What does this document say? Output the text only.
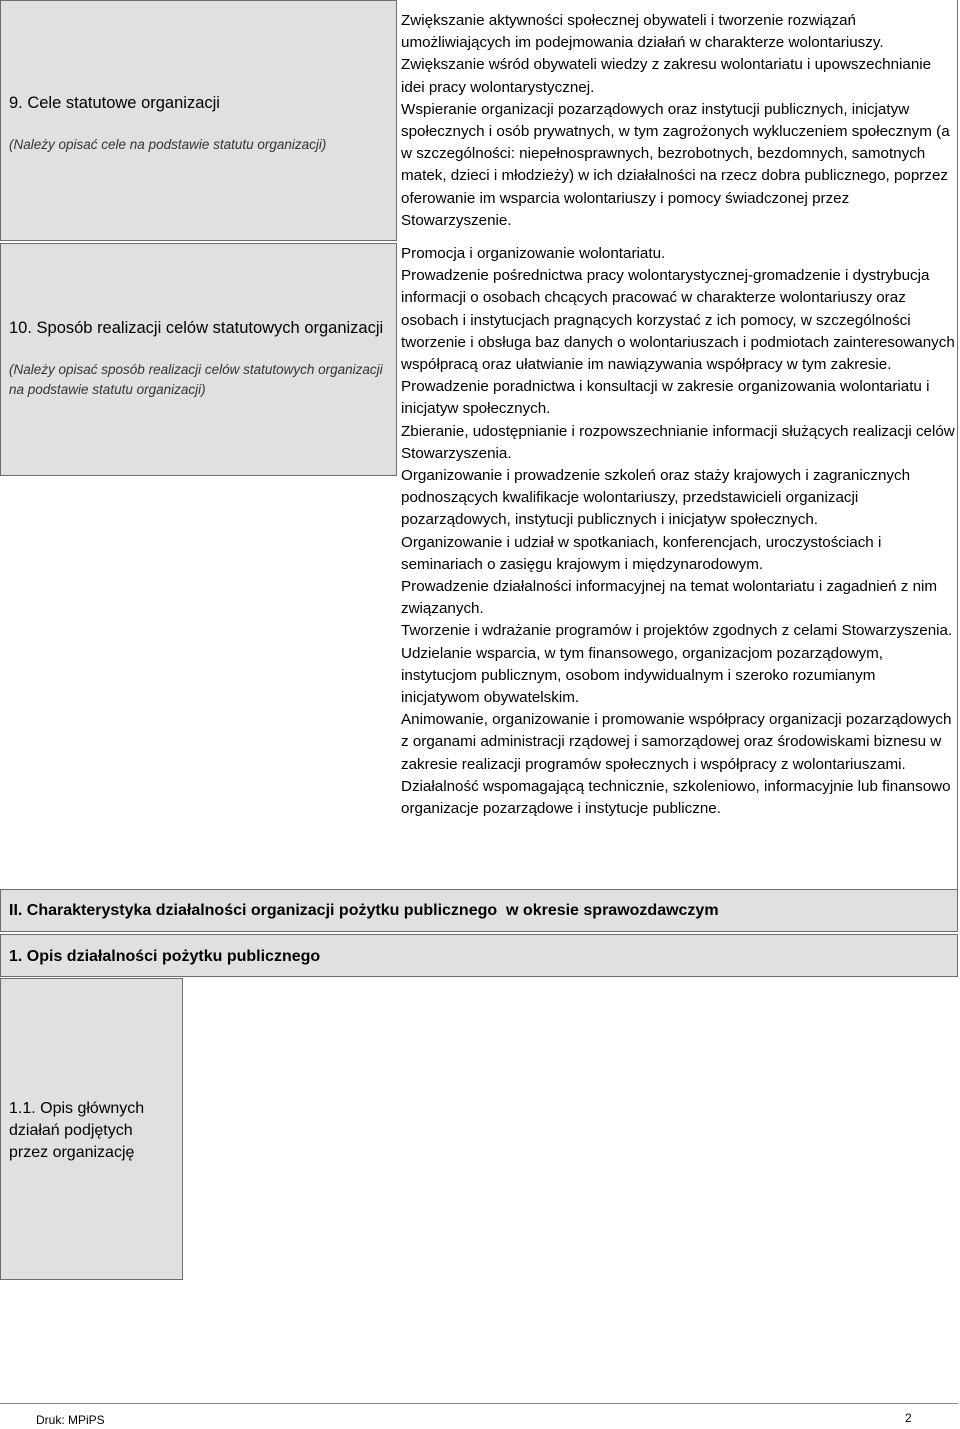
9. Cele statutowe organizacji
(Należy opisać cele na podstawie statutu organizacji)

Zwiększanie aktywności społecznej obywateli i tworzenie rozwiązań umożliwiających im podejmowania działań w charakterze wolontariuszy.

Zwiększanie wśród obywateli wiedzy z zakresu wolontariatu i upowszechnianie idei pracy wolontarystycznej.

Wspieranie organizacji pozarządowych oraz instytucji publicznych, inicjatyw społecznych i osób prywatnych, w tym zagrożonych wykluczeniem społecznym (a w szczególności: niepełnosprawnych, bezrobotnych, bezdomnych, samotnych matek, dzieci i młodzieży) w ich działalności na rzecz dobra publicznego, poprzez oferowanie im wsparcia wolontariuszy i pomocy świadczonej przez Stowarzyszenie.

10. Sposób realizacji celów statutowych organizacji
(Należy opisać sposób realizacji celów statutowych organizacji na podstawie statutu organizacji)

Promocja i organizowanie wolontariatu.

Prowadzenie pośrednictwa pracy wolontarystycznej-gromadzenie i dystrybucja informacji o osobach chcących pracować w charakterze wolontariuszy oraz osobach i instytucjach pragnących korzystać z ich pomocy, w szczególności tworzenie i obsługa baz danych o wolontariuszach i podmiotach zainteresowanych współpracą oraz ułatwianie im nawiązywania współpracy w tym zakresie.

Prowadzenie poradnictwa i konsultacji w zakresie organizowania wolontariatu i inicjatyw społecznych.

Zbieranie, udostępnianie i rozpowszechnianie informacji służących realizacji celów Stowarzyszenia.

Organizowanie i prowadzenie szkoleń oraz staży krajowych i zagranicznych podnoszących kwalifikacje wolontariuszy, przedstawicieli organizacji pozarządowych, instytucji publicznych i inicjatyw społecznych.

Organizowanie i udział w spotkaniach, konferencjach, uroczystościach i seminariach o zasięgu krajowym i międzynarodowym.

Prowadzenie działalności informacyjnej na temat wolontariatu i zagadnień z nim związanych.

Tworzenie i wdrażanie programów i projektów zgodnych z celami Stowarzyszenia.

Udzielanie wsparcia, w tym finansowego, organizacjom pozarządowym, instytucjom publicznym, osobom indywidualnym i szeroko rozumianym inicjatywom obywatelskim.

Animowanie, organizowanie i promowanie współpracy organizacji pozarządowych z organami administracji rządowej i samorządowej oraz środowiskami biznesu w zakresie realizacji programów społecznych i współpracy z wolontariuszami.

Działalność wspomagającą technicznie, szkoleniowo, informacyjnie lub finansowo organizacje pozarządowe i instytucje publiczne.

II. Charakterystyka działalności organizacji pożytku publicznego  w okresie sprawozdawczym
1. Opis działalności pożytku publicznego
1.1. Opis głównych działań podjętych przez organizację
Druk: MPiPS	2
